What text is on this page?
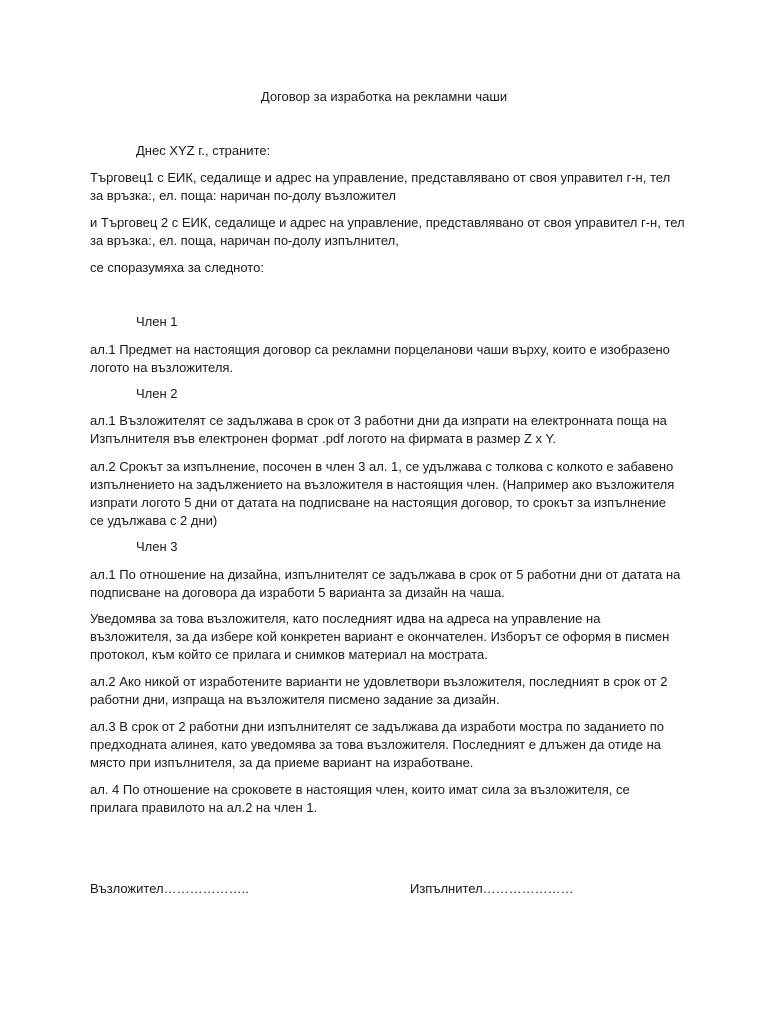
Договор за изработка на рекламни чаши

Днес XYZ г., страните:

Търговец1 с ЕИК, седалище и адрес на управление, представлявано от своя управител г-н, тел
за връзка:, ел. поща: наричан по-долу възложител

и Търговец 2 с ЕИК, седалище и адрес на управление, представлявано от своя управител г-н, тел
за връзка:, ел. поща, наричан по-долу изпълнител,

се споразумяха за следното:

Член 1

ал.1 Предмет на настоящия договор са рекламни порцеланови чаши върху, които е изобразено
логото на възложителя.

Член 2

ал.1 Възложителят се задължава в срок от 3 работни дни да изпрати на електронната поща на
Изпълнителя във електронен формат .pdf логото на фирмата в размер Z x Y.

ал.2 Срокът за изпълнение, посочен в член 3 ал. 1, се удължава с толкова с колкото е забавено
изпълнението на задължението на възложителя в настоящия член. (Например ако възложителя
изпрати логото 5 дни от датата на подписване на настоящия договор, то срокът за изпълнение
се удължава с 2 дни)

Член 3

ал.1 По отношение на дизайна, изпълнителят се задължава в срок от 5 работни дни от датата на
подписване на договора да изработи 5 варианта за дизайн на чаша.

Уведомява за това възложителя, като последният идва на адреса на управление на
възложителя, за да избере кой конкретен вариант е окончателен. Изборът се оформя в писмен
протокол, към който се прилага и снимков материал на мострата.

ал.2 Ако никой от изработените варианти не удовлетвори възложителя, последният в срок от 2
работни дни, изпраща на възложителя писмено задание за дизайн.

ал.3 В срок от 2 работни дни изпълнителят се задължава да изработи мостра по заданието по
предходната алинея, като уведомява за това възложителя. Последният е длъжен да отиде на
място при изпълнителя, за да приеме вариант на изработване.

ал. 4 По отношение на сроковете в настоящия член, които имат сила за възложителя, се
прилага правилото на ал.2 на член 1.

Възложител………………..	Изпълнител…………………
